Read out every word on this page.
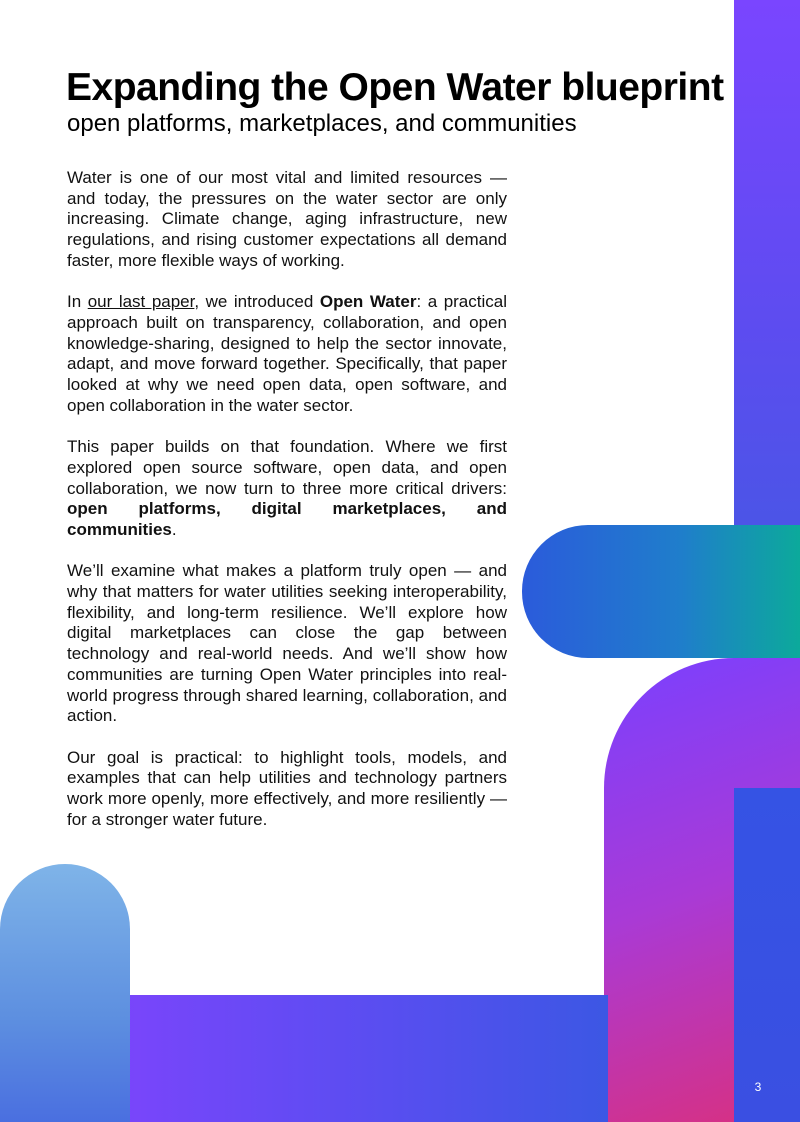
Expanding the Open Water blueprint
open platforms, marketplaces, and communities

Water is one of our most vital and limited resources — and today, the pressures on the water sector are only increasing. Climate change, aging infrastructure, new regulations, and rising customer expectations all demand faster, more flexible ways of working.

In our last paper, we introduced Open Water: a practical approach built on transparency, collaboration, and open knowledge-sharing, designed to help the sector innovate, adapt, and move forward together. Specifically, that paper looked at why we need open data, open software, and open collaboration in the water sector.

This paper builds on that foundation. Where we first explored open source software, open data, and open collaboration, we now turn to three more critical drivers: open platforms, digital marketplaces, and communities.

We’ll examine what makes a platform truly open — and why that matters for water utilities seeking interoperability, flexibility, and long-term resilience. We’ll explore how digital marketplaces can close the gap between technology and real-world needs. And we’ll show how communities are turning Open Water principles into real-world progress through shared learning, collaboration, and action.

Our goal is practical: to highlight tools, models, and examples that can help utilities and technology partners work more openly, more effectively, and more resiliently — for a stronger water future.

3
